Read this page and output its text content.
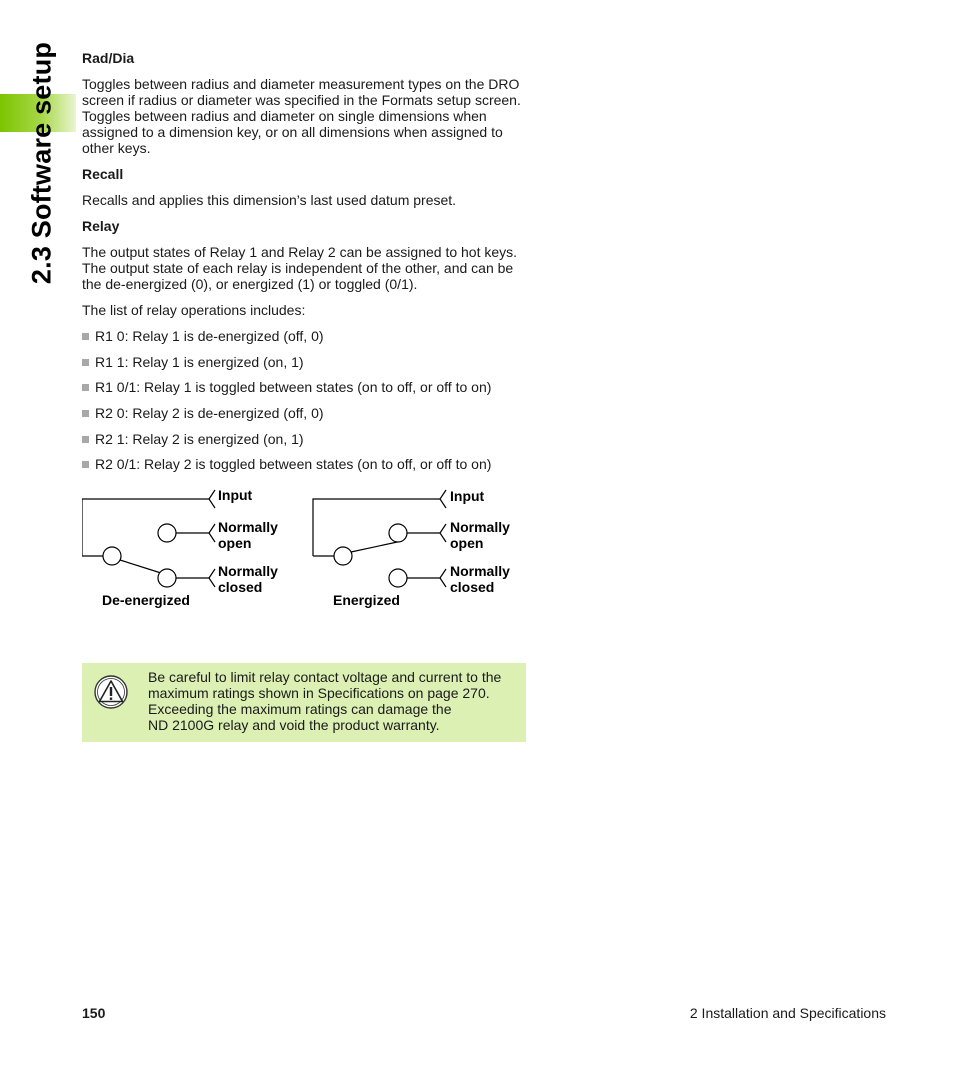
2.3 Software setup Rad/Dia

Toggles between radius and diameter measurement types on the DRO screen if radius or diameter was specified in the Formats setup screen. Toggles between radius and diameter on single dimensions when assigned to a dimension key, or on all dimensions when assigned to other keys.

Recall

Recalls and applies this dimension’s last used datum preset.

Relay

The output states of Relay 1 and Relay 2 can be assigned to hot keys. The output state of each relay is independent of the other, and can be the de-energized (0), or energized (1) or toggled (0/1).

The list of relay operations includes:

R1 0: Relay 1 is de-energized (off, 0)
R1 1: Relay 1 is energized (on, 1)
R1 0/1: Relay 1 is toggled between states (on to off, or off to on)
R2 0: Relay 2 is de-energized (off, 0)
R2 1: Relay 2 is energized (on, 1)
R2 0/1: Relay 2 is toggled between states (on to off, or off to on)
Input
Normally
open
Normally
closed
De-energized
Input
Normally
open
Normally
closed
Energized
Be careful to limit relay contact voltage and current to the
maximum ratings shown in Specifications on page 270.
Exceeding the maximum ratings can damage the
ND 2100G relay and void the product warranty.
150	2 Installation and Specifications
